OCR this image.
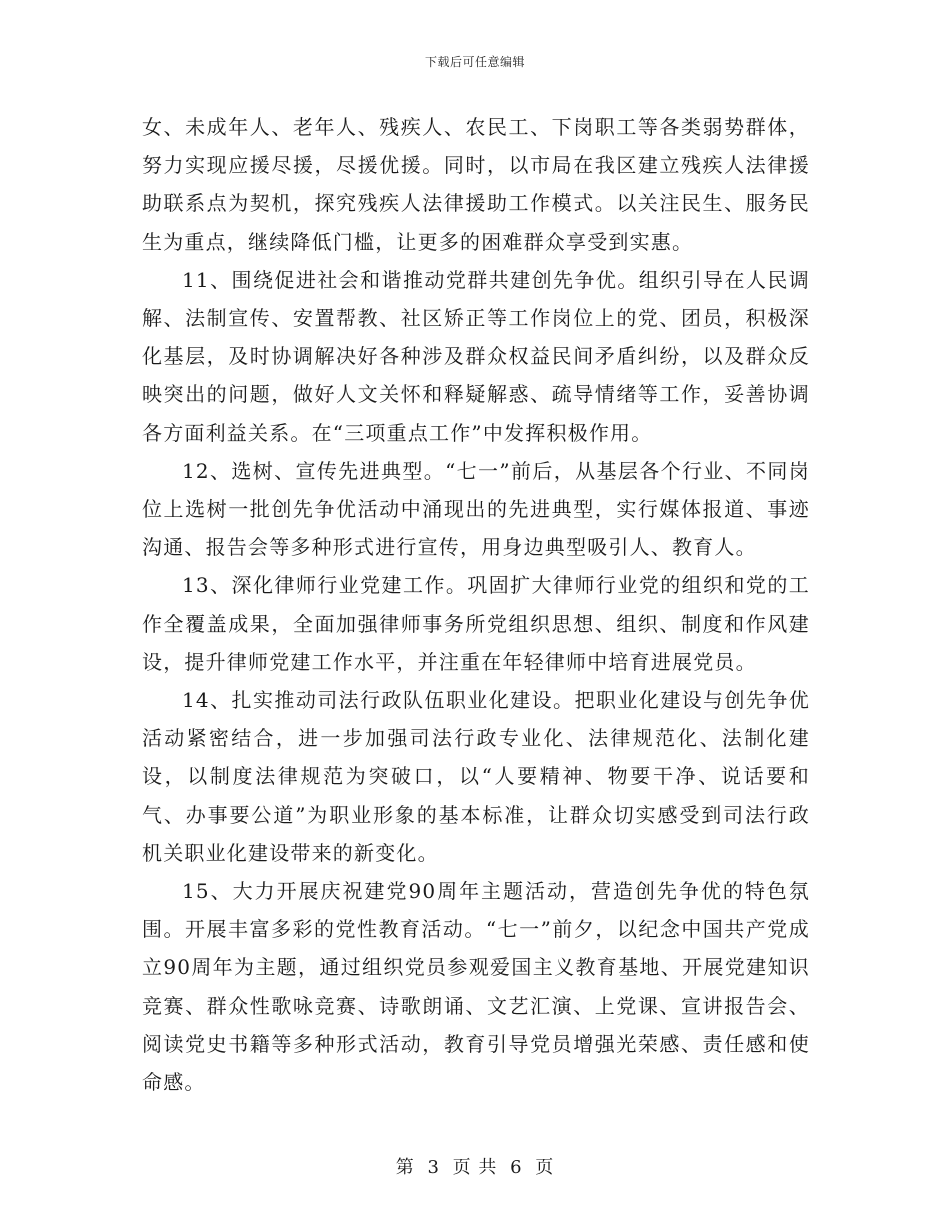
下载后可任意编辑

女、未成年人、老年人、残疾人、农民工、下岗职工等各类弱势群体，努力实现应援尽援，尽援优援。同时，以市局在我区建立残疾人法律援助联系点为契机，探究残疾人法律援助工作模式。以关注民生、服务民生为重点，继续降低门槛，让更多的困难群众享受到实惠。

11、围绕促进社会和谐推动党群共建创先争优。组织引导在人民调解、法制宣传、安置帮教、社区矫正等工作岗位上的党、团员，积极深化基层，及时协调解决好各种涉及群众权益民间矛盾纠纷，以及群众反映突出的问题，做好人文关怀和释疑解惑、疏导情绪等工作，妥善协调各方面利益关系。在“三项重点工作”中发挥积极作用。

12、选树、宣传先进典型。“七一”前后，从基层各个行业、不同岗位上选树一批创先争优活动中涌现出的先进典型，实行媒体报道、事迹沟通、报告会等多种形式进行宣传，用身边典型吸引人、教育人。

13、深化律师行业党建工作。巩固扩大律师行业党的组织和党的工作全覆盖成果，全面加强律师事务所党组织思想、组织、制度和作风建设，提升律师党建工作水平，并注重在年轻律师中培育进展党员。

14、扎实推动司法行政队伍职业化建设。把职业化建设与创先争优活动紧密结合，进一步加强司法行政专业化、法律规范化、法制化建设，以制度法律规范为突破口，以“人要精神、物要干净、说话要和气、办事要公道”为职业形象的基本标准，让群众切实感受到司法行政机关职业化建设带来的新变化。

15、大力开展庆祝建党90周年主题活动，营造创先争优的特色氛围。开展丰富多彩的党性教育活动。“七一”前夕，以纪念中国共产党成立90周年为主题，通过组织党员参观爱国主义教育基地、开展党建知识竞赛、群众性歌咏竞赛、诗歌朗诵、文艺汇演、上党课、宣讲报告会、阅读党史书籍等多种形式活动，教育引导党员增强光荣感、责任感和使命感。

第 3 页 共 6 页
